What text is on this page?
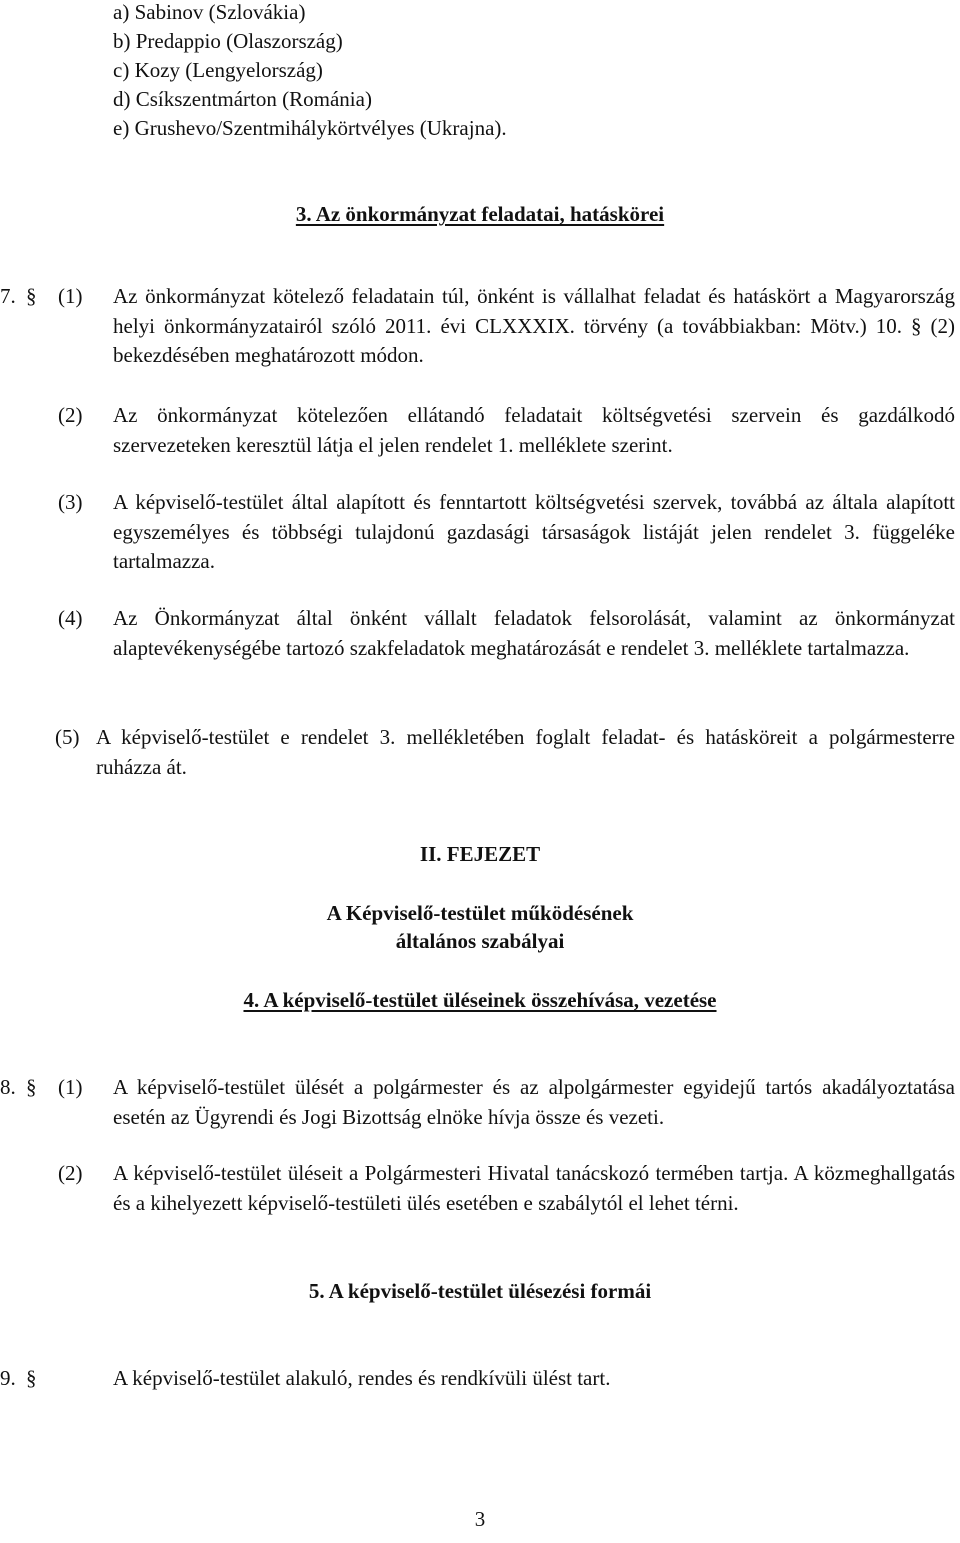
a) Sabinov (Szlovákia)
b) Predappio (Olaszország)
c) Kozy (Lengyelország)
d) Csíkszentmárton (Románia)
e) Grushevo/Szentmihálykörtvélyes (Ukrajna).
3. Az önkormányzat feladatai, hatáskörei
7. § (1) Az önkormányzat kötelező feladatain túl, önként is vállalhat feladat és hatáskört a Magyarország helyi önkormányzatairól szóló 2011. évi CLXXXIX. törvény (a továbbiakban: Mötv.) 10. § (2) bekezdésében meghatározott módon.
(2) Az önkormányzat kötelezően ellátandó feladatait költségvetési szervein és gazdálkodó szervezeteken keresztül látja el jelen rendelet 1. melléklete szerint.
(3) A képviselő-testület által alapított és fenntartott költségvetési szervek, továbbá az általa alapított egyszemélyes és többségi tulajdonú gazdasági társaságok listáját jelen rendelet 3. függeléke tartalmazza.
(4) Az Önkormányzat által önként vállalt feladatok felsorolását, valamint az önkormányzat alaptevékenységébe tartozó szakfeladatok meghatározását e rendelet 3. melléklete tartalmazza.
(5) A képviselő-testület e rendelet 3. mellékletében foglalt feladat- és hatásköreit a polgármesterre ruházza át.
II. FEJEZET
A Képviselő-testület működésének
általános szabályai
4. A képviselő-testület üléseinek összehívása, vezetése
8. § (1) A képviselő-testület ülését a polgármester és az alpolgármester egyidejű tartós akadályoztatása esetén az Ügyrendi és Jogi Bizottság elnöke hívja össze és vezeti.
(2) A képviselő-testület üléseit a Polgármesteri Hivatal tanácskozó termében tartja. A közmeghallgatás és a kihelyezett képviselő-testületi ülés esetében e szabálytól el lehet térni.
5. A képviselő-testület ülésezési formái
9. §	A képviselő-testület alakuló, rendes és rendkívüli ülést tart.
3
